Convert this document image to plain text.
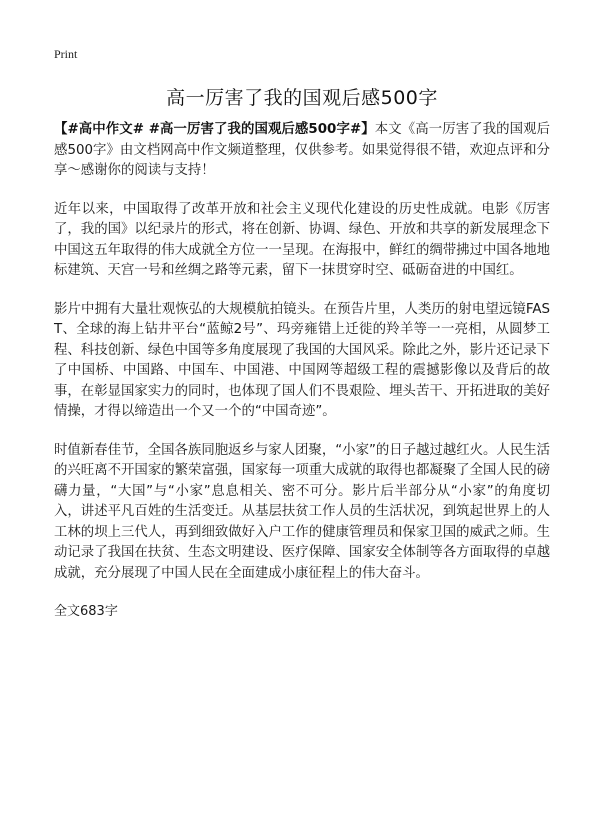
Print
高一厉害了我的国观后感500字

【#高中作文# #高一厉害了我的国观后感500字#】本文《高一厉害了我的国观后感500字》由文档网高中作文频道整理，仅供参考。如果觉得很不错，欢迎点评和分享～感谢你的阅读与支持！

近年以来，中国取得了改革开放和社会主义现代化建设的历史性成就。电影《厉害了，我的国》以纪录片的形式，将在创新、协调、绿色、开放和共享的新发展理念下中国这五年取得的伟大成就全方位一一呈现。在海报中，鲜红的绸带拂过中国各地地标建筑、天宫一号和丝绸之路等元素，留下一抹贯穿时空、砥砺奋进的中国红。

影片中拥有大量壮观恢弘的大规模航拍镜头。在预告片里，人类历的射电望远镜FAST、全球的海上钻井平台“蓝鲸2号”、玛旁雍错上迁徙的羚羊等一一亮相，从圆梦工程、科技创新、绿色中国等多角度展现了我国的大国风采。除此之外，影片还记录下了中国桥、中国路、中国车、中国港、中国网等超级工程的震撼影像以及背后的故事，在彰显国家实力的同时，也体现了国人们不畏艰险、埋头苦干、开拓进取的美好情操，才得以缔造出一个又一个的“中国奇迹”。

时值新春佳节，全国各族同胞返乡与家人团聚，“小家”的日子越过越红火。人民生活的兴旺离不开国家的繁荣富强，国家每一项重大成就的取得也都凝聚了全国人民的磅礴力量，“大国”与“小家”息息相关、密不可分。影片后半部分从“小家”的角度切入，讲述平凡百姓的生活变迁。从基层扶贫工作人员的生活状况，到筑起世界上的人工林的坝上三代人，再到细致做好入户工作的健康管理员和保家卫国的威武之师。生动记录了我国在扶贫、生态文明建设、医疗保障、国家安全体制等各方面取得的卓越成就，充分展现了中国人民在全面建成小康征程上的伟大奋斗。

全文683字
